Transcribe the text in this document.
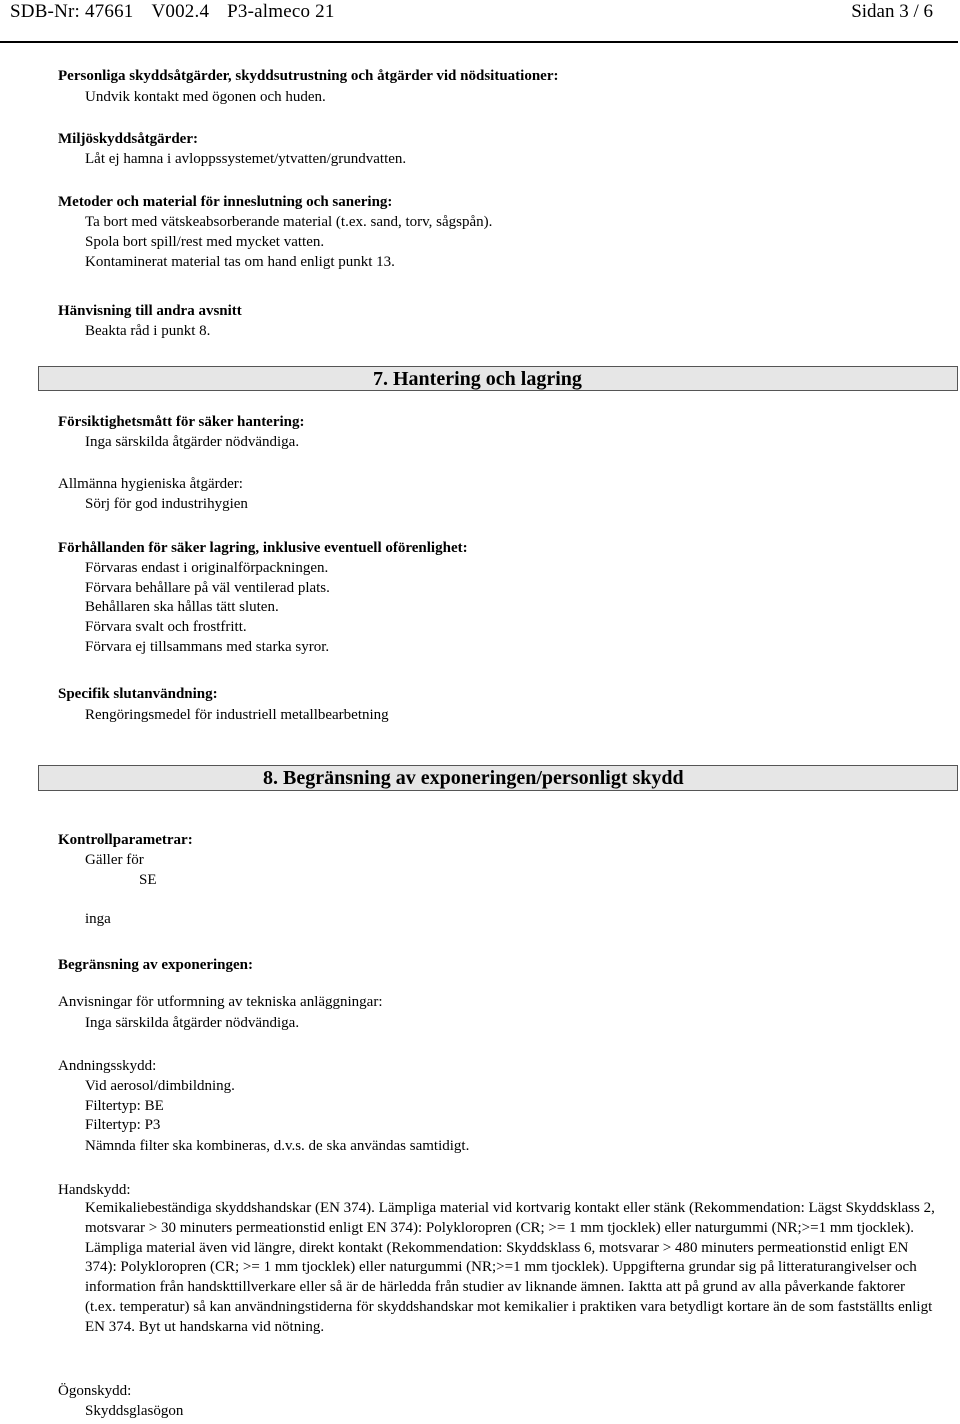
SDB-Nr: 47661 V002.4 P3-almeco 21	Sidan 3 / 6
Personliga skyddsåtgärder, skyddsutrustning och åtgärder vid nödsituationer:
Undvik kontakt med ögonen och huden.
Miljöskyddsåtgärder:
Låt ej hamna i avloppssystemet/ytvatten/grundvatten.
Metoder och material för inneslutning och sanering:
Ta bort med vätskeabsorberande material (t.ex. sand, torv, sågspån).
Spola bort spill/rest med mycket vatten.
Kontaminerat material tas om hand enligt punkt 13.
Hänvisning till andra avsnitt
Beakta råd i punkt 8.
7. Hantering och lagring
Försiktighetsmått för säker hantering:
Inga särskilda åtgärder nödvändiga.
Allmänna hygieniska åtgärder:
Sörj för god industrihygien
Förhållanden för säker lagring, inklusive eventuell oförenlighet:
Förvaras endast i originalförpackningen.
Förvara behållare på väl ventilerad plats.
Behållaren ska hållas tätt sluten.
Förvara svalt och frostfritt.
Förvara ej tillsammans med starka syror.
Specifik slutanvändning:
Rengöringsmedel för industriell metallbearbetning
8. Begränsning av exponeringen/personligt skydd
Kontrollparametrar:
Gäller för
SE
inga
Begränsning av exponeringen:
Anvisningar för utformning av tekniska anläggningar:
Inga särskilda åtgärder nödvändiga.
Andningsskydd:
Vid aerosol/dimbildning.
Filtertyp: BE
Filtertyp: P3
Nämnda filter ska kombineras, d.v.s. de ska användas samtidigt.
Handskydd:
Kemikaliebeständiga skyddshandskar (EN 374). Lämpliga material vid kortvarig kontakt eller stänk (Rekommendation: Lägst Skyddsklass 2, motsvarar > 30 minuters permeationstid enligt EN 374): Polykloropren (CR; >= 1 mm tjocklek) eller naturgummi (NR;>=1 mm tjocklek). Lämpliga material även vid längre, direkt kontakt (Rekommendation: Skyddsklass 6, motsvarar > 480 minuters permeationstid enligt EN 374): Polykloropren (CR; >= 1 mm tjocklek) eller naturgummi (NR;>=1 mm tjocklek). Uppgifterna grundar sig på litteraturangivelser och information från handskttillverkare eller så är de härledda från studier av liknande ämnen. Iaktta att på grund av alla påverkande faktorer (t.ex. temperatur) så kan användningstiderna för skyddshandskar mot kemikalier i praktiken vara betydligt kortare än de som fastställts enligt EN 374. Byt ut handskarna vid nötning.
Ögonskydd:
Skyddsglasögon
